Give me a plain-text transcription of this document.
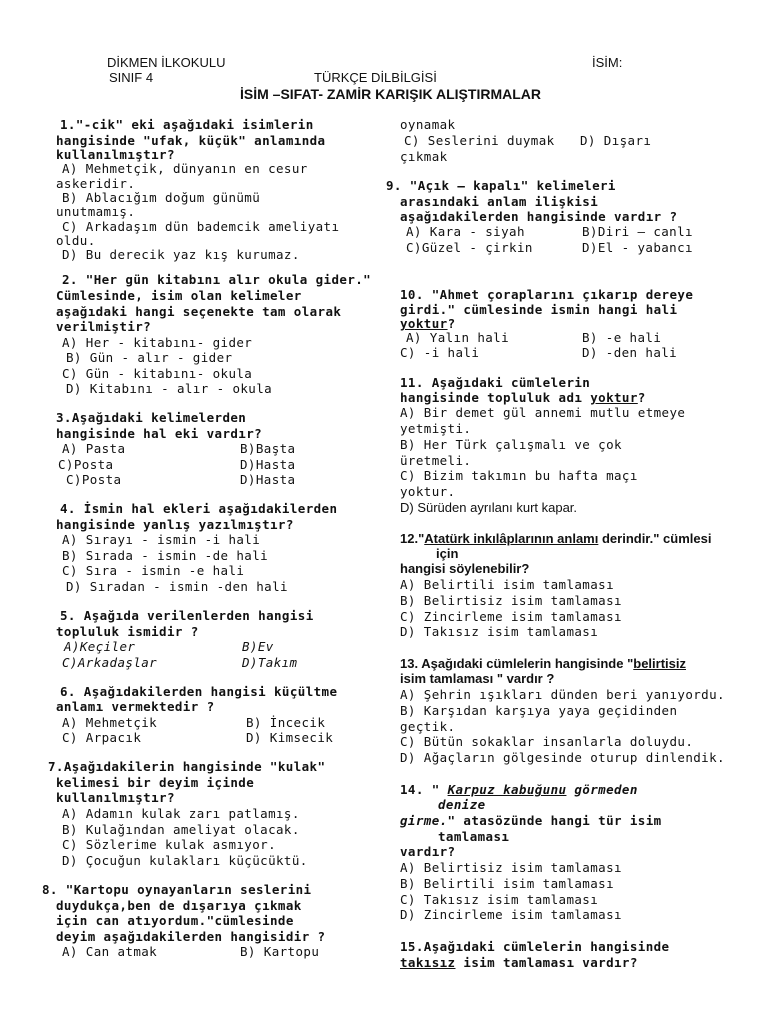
DİKMEN İLKOKULU	İSİM:
SINIF 4	TÜRKÇE DİLBİLGİSİ
İSİM –SIFAT- ZAMİR KARIŞIK ALIŞTIRMALAR
1."-cik" eki aşağıdaki isimlerin
hangisinde "ufak, küçük" anlamında
kullanılmıştır?
A) Mehmetçik, dünyanın en cesur
askeridir.
B) Ablacığım doğum günümü
unutmamış.
C) Arkadaşım dün bademcik ameliyatı
oldu.
D) Bu derecik yaz kış kurumaz.
2. "Her gün kitabını alır okula gider."
Cümlesinde, isim olan kelimeler
aşağıdaki hangi seçenekte tam olarak
verilmiştir?
A) Her - kitabını- gider
B) Gün - alır - gider
C) Gün - kitabını- okula
D) Kitabını - alır - okula
3.Aşağıdaki kelimelerden
hangisinde hal eki vardır?
A) Pasta	B)Başta
C)Posta	D)Hasta
C)Posta	D)Hasta
4. İsmin hal ekleri aşağıdakilerden
hangisinde yanlış yazılmıştır?
A) Sırayı - ismin -i hali
B) Sırada - ismin -de hali
C) Sıra - ismin -e hali
D) Sıradan - ismin -den hali
5. Aşağıda verilenlerden hangisi
topluluk ismidir ?
A)Keçiler	B)Ev
C)Arkadaşlar	D)Takım
6. Aşağıdakilerden hangisi küçültme
anlamı vermektedir ?
A) Mehmetçik	B) İncecik
C) Arpacık	D) Kimsecik
7.Aşağıdakilerin hangisinde "kulak"
kelimesi bir deyim içinde
kullanılmıştır?
A) Adamın kulak zarı patlamış.
B) Kulağından ameliyat olacak.
C) Sözlerime kulak asmıyor.
D) Çocuğun kulakları küçücüktü.
8. "Kartopu oynayanların seslerini
duydukça,ben de dışarıya çıkmak
için can atıyordum."cümlesinde
deyim aşağıdakilerden hangisidir ?
A) Can atmak	B) Kartopu
oynamak
C) Seslerini duymak D) Dışarı
çıkmak
9. "Açık – kapalı" kelimeleri
arasındaki anlam ilişkisi
aşağıdakilerden hangisinde vardır ?
A) Kara - siyah	B)Diri – canlı
C)Güzel - çirkin	D)El - yabancı
10. "Ahmet çoraplarını çıkarıp dereye
girdi." cümlesinde ismin hangi hali
yoktur?
A) Yalın hali	B) -e hali
C) -i hali	D) -den hali
11. Aşağıdaki cümlelerin
hangisinde topluluk adı yoktur?
A) Bir demet gül annemi mutlu etmeye
yetmişti.
B) Her Türk çalışmalı ve çok
üretmeli.
C) Bizim takımın bu hafta maçı
yoktur.
D) Sürüden ayrılanı kurt kapar.
12."Atatürk inkılâplarının anlamı derindir." cümlesi
için
hangisi söylenebilir?
A) Belirtili isim tamlaması
B) Belirtisiz isim tamlaması
C) Zincirleme isim tamlaması
D) Takısız isim tamlaması
13. Aşağıdaki cümlelerin hangisinde "belirtisiz
isim tamlaması " vardır ?
A) Şehrin ışıkları dünden beri yanıyordu.
B) Karşıdan karşıya yaya geçidinden
geçtik.
C) Bütün sokaklar insanlarla doluydu.
D) Ağaçların gölgesinde oturup dinlendik.
14. " Karpuz kabuğunu görmeden
denize
girme." atasözünde hangi tür isim
tamlaması
vardır?
A) Belirtisiz isim tamlaması
B) Belirtili isim tamlaması
C) Takısız isim tamlaması
D) Zincirleme isim tamlaması
15.Aşağıdaki cümlelerin hangisinde
takısız isim tamlaması vardır?
